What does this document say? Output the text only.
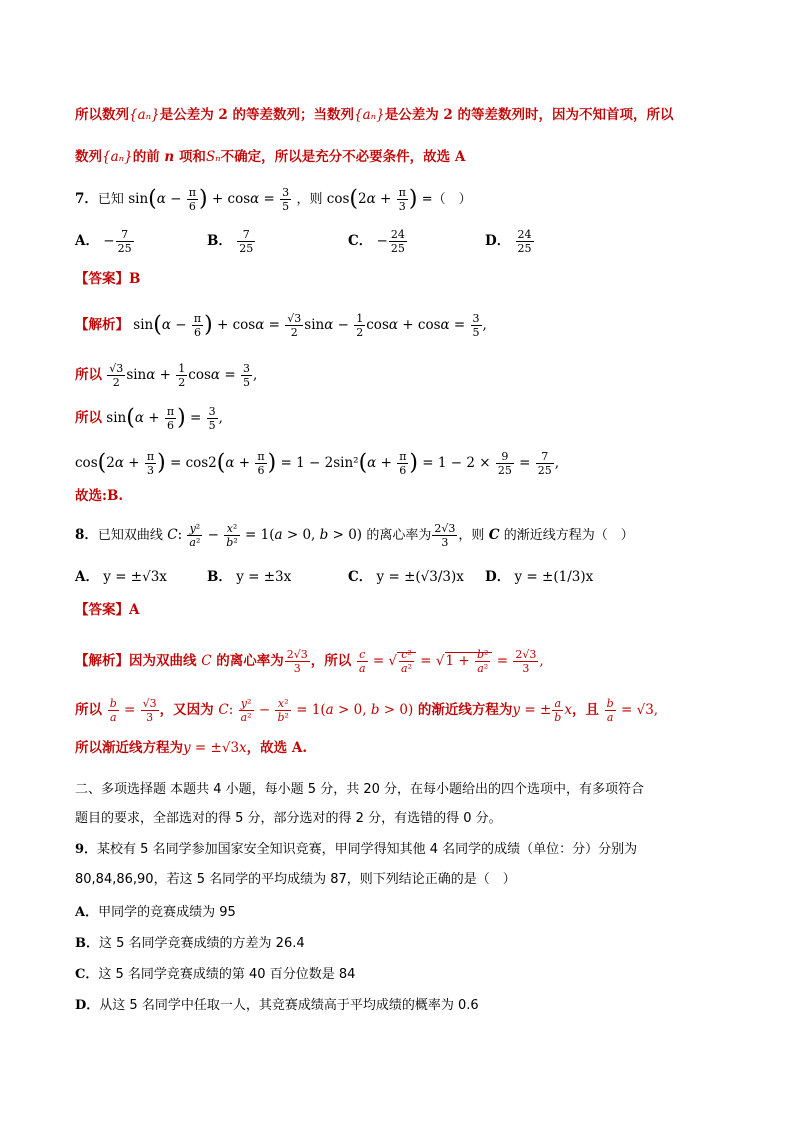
所以数列{aₙ}是公差为 2 的等差数列；当数列{aₙ}是公差为 2 的等差数列时，因为不知首项，所以
数列{aₙ}的前 n 项和Sₙ不确定，所以是充分不必要条件，故选 A
7．已知 $\sin(\alpha - \frac{\pi}{6}$ ) + $\cos\alpha = \frac{3}{5}$ ，则 $\cos(2\alpha + \frac{\pi}{3}$ ) =（　）
A． − $\frac{7}{25}$	B． $\frac{7}{25}$	C． − $\frac{24}{25}$	D． $\frac{24}{25}$
【答案】B
【解析】 $\sin(\alpha - \frac{\pi}{6}$ ) + $\cos\alpha = \frac{√3}{2}$ $\sin\alpha - \frac{1}{2}$ $\cos\alpha + \cos\alpha = \frac{3}{5}$ ,
所以 $\frac{√3}{2}$ $\sin\alpha + \frac{1}{2}$ $\cos\alpha = \frac{3}{5}$ ,
所以 $\sin(\alpha + \frac{\pi}{6}$ ) = $\frac{3}{5}$ ,
$\cos(2\alpha + \frac{\pi}{3}$ ) = $\cos 2(\alpha + \frac{\pi}{6}$ ) = $1 - 2\sin^2(\alpha + \frac{\pi}{6}$ ) = $1 - 2 \times \frac{9}{25} = \frac{7}{25}$ ,
故选:B.
8．已知双曲线 C: $\frac{\text{y²}}{\text{a²}} - \frac{\text{x²}}{\text{b²}} = 1(a > 0$, b > 0) 的离心率为 $\frac{2√3}{3}$ ，则 C 的渐近线方程为（　）
A． y = ±√3x	B． y = ±3x	C． y = ±(√3/3)x D． y = ±(1/3)x
【答案】A
【解析】因为双曲线 C 的离心率为 $\frac{2√3}{3}$ ，所以 $\frac{c}{a}$ = √ $\frac{\text{c²}}{\text{a²}} = √1 + \frac{\text{b²}}{\text{a²}} = \frac{2√3}{3}$ ,
所以 $\frac{b}{a} = \frac{√3}{3}$ ，又因为 C: $\frac{\text{y²}}{\text{a²}} - \frac{\text{x²}}{\text{b²}} = 1(a > 0$, b > 0) 的渐近线方程为y = ± $\frac{a}{b}$ x，且 $\frac{b}{a} = √3$,
所以渐近线方程为y = ±√3x，故选 A.
二、多项选择题 本题共 4 小题，每小题 5 分，共 20 分，在每小题给出的四个选项中，有多项符合
题目的要求，全部选对的得 5 分，部分选对的得 2 分，有选错的得 0 分。
9．某校有 5 名同学参加国家安全知识竞赛，甲同学得知其他 4 名同学的成绩（单位：分）分别为
80,84,86,90，若这 5 名同学的平均成绩为 87，则下列结论正确的是（　）
A．甲同学的竞赛成绩为 95
B．这 5 名同学竞赛成绩的方差为 26.4
C．这 5 名同学竞赛成绩的第 40 百分位数是 84
D．从这 5 名同学中任取一人，其竞赛成绩高于平均成绩的概率为 0.6
